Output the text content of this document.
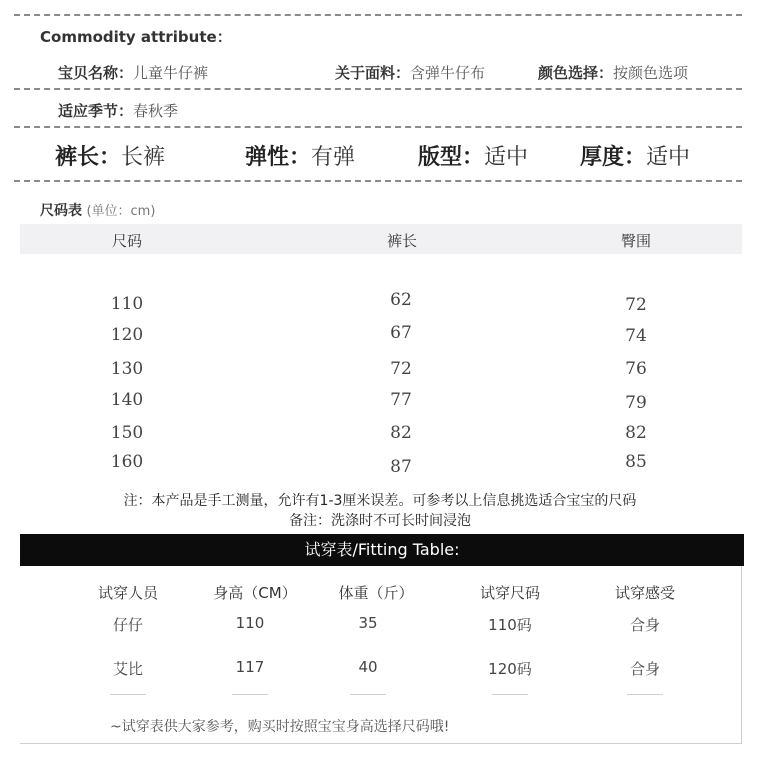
Commodity attribute：
宝贝名称：儿童牛仔裤	关于面料：含弹牛仔布	颜色选择：按颜色选项
适应季节：春秋季
裤长：长裤	弹性：有弹	版型：适中 厚度：适中
尺码表 (单位：cm)
尺码	裤长	臀围
110	62	72
120	67	74
130	72	76
140	77	79
150	82	82
160	87	85
注：本产品是手工测量，允许有1-3厘米误差。可参考以上信息挑选适合宝宝的尺码
备注：洗涤时不可长时间浸泡
试穿表/Fitting Table:
试穿人员	身高（CM）	体重（斤）	试穿尺码	试穿感受
仔仔	110	35	110码	合身
艾比	117	40	120码	合身
~试穿表供大家参考，购买时按照宝宝身高选择尺码哦!
